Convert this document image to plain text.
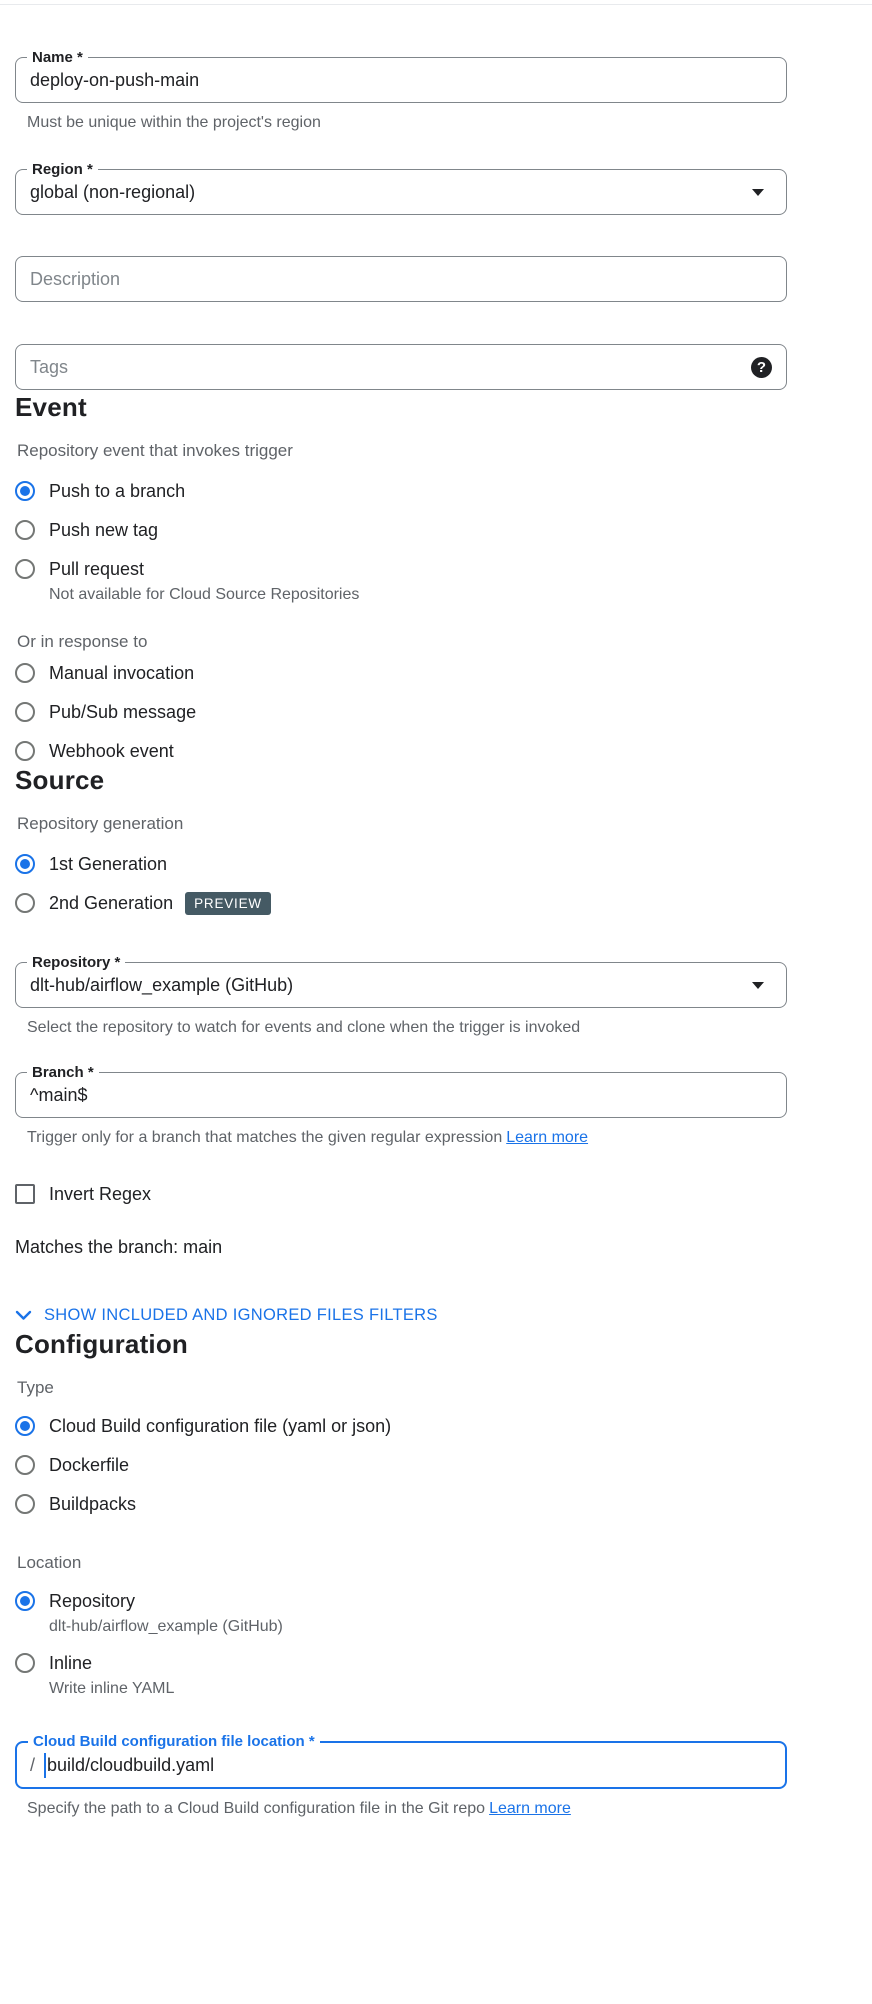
Name *
deploy-on-push-main
Must be unique within the project's region
Region *
global (non-regional)
Description
Tags
?
Event
Repository event that invokes trigger
Push to a branch
Push new tag
Pull request
Not available for Cloud Source Repositories
Or in response to
Manual invocation
Pub/Sub message
Webhook event
Source
Repository generation
1st Generation
2nd Generation	PREVIEW
Repository *
dlt-hub/airflow_example (GitHub)
Select the repository to watch for events and clone when the trigger is invoked
Branch *
^main$
Trigger only for a branch that matches the given regular expression Learn more
Invert Regex
Matches the branch: main
SHOW INCLUDED AND IGNORED FILES FILTERS
Configuration
Type
Cloud Build configuration file (yaml or json)
Dockerfile
Buildpacks
Location
Repository
dlt-hub/airflow_example (GitHub)
Inline
Write inline YAML
Cloud Build configuration file location *
/ build/cloudbuild.yaml
Specify the path to a Cloud Build configuration file in the Git repo Learn more
